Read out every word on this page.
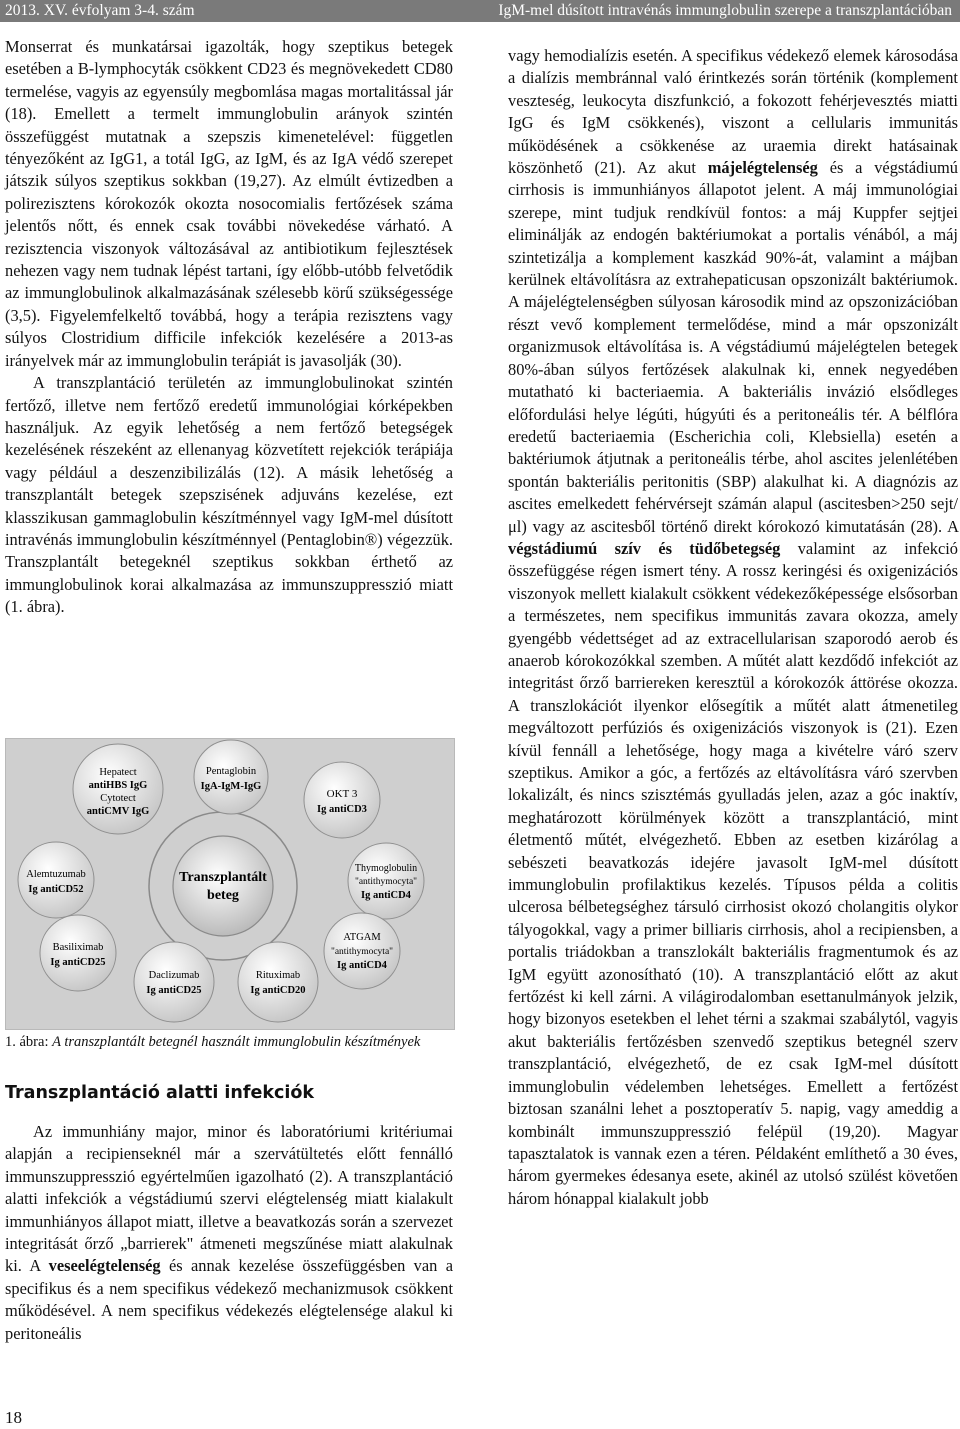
2013. XV. évfolyam 3-4. szám	IgM-mel dúsított intravénás immunglobulin szerepe a transzplantációban

Monserrat és munkatársai igazolták, hogy szeptikus betegek esetében a B-lymphocyták csökkent CD23 és megnövekedett CD80 termelése, vagyis az egyensúly megbomlása magas mortalitással jár (18). Emellett a termelt immunglobulin arányok szintén összefüggést mutatnak a szepszis kimenetelével: független tényezőként az IgG1, a totál IgG, az IgM, és az IgA védő szerepet játszik súlyos szeptikus sokkban (19,27). Az elmúlt évtizedben a polirezisztens kórokozók okozta nosocomialis fertőzések száma jelentős nőtt, és ennek csak további növekedése várható. A rezisztencia viszonyok változásával az antibiotikum fejlesztések nehezen vagy nem tudnak lépést tartani, így előbb-utóbb felvetődik az immunglobulinok alkalmazásának szélesebb körű szükségessége (3,5). Figyelemfelkeltő továbbá, hogy a terápia rezisztens vagy súlyos Clostridium difficile infekciók kezelésére a 2013-as irányelvek már az immunglobulin terápiát is javasolják (30).

A transzplantáció területén az immunglobulinokat szintén fertőző, illetve nem fertőző eredetű immunológiai kórképekben használjuk. Az egyik lehetőség a nem fertőző betegségek kezelésének részeként az ellenanyag közvetített rejekciók terápiája vagy például a deszenzibilizálás (12). A másik lehetőség a transzplantált betegek szepszisének adjuváns kezelése, ezt klasszikusan gammaglobulin készítménnyel vagy IgM-mel dúsított intravénás immunglobulin készítménnyel (Pentaglobin®) végezzük. Transzplantált betegeknél szeptikus sokkban érthető az immunglobulinok korai alkalmazása az immunszuppresszió miatt (1. ábra).

Hepatect
antiHBS IgG
Cytotect
antiCMV IgG
Pentaglobin
IgA-IgM-IgG
OKT 3
Ig antiCD3
Alemtuzumab
Ig antiCD52
Thymoglobulin
"antithymocyta"
Ig antiCD4
Basiliximab
Ig antiCD25
ATGAM
"antithymocyta"
Ig antiCD4
Daclizumab
Ig antiCD25
Rituximab
Ig antiCD20
Transzplantált
beteg
1. ábra: A transzplantált betegnél használt immunglobulin készítmények
Transzplantáció alatti infekciók

Az immunhiány major, minor és laboratóriumi kritériumai alapján a recipienseknél már a szervátültetés előtt fennálló immunszuppresszió egyértelműen igazolható (2). A transzplantáció alatti infekciók a végstádiumú szervi elégtelenség miatt kialakult immunhiányos állapot miatt, illetve a beavatkozás során a szervezet integritását őrző „barrierek" átmeneti megszűnése miatt alakulnak ki. A veseelégtelenség és annak kezelése összefüggésben van a specifikus és a nem specifikus védekező mechanizmusok csökkent működésével. A nem specifikus védekezés elégtelensége alakul ki peritoneális

vagy hemodialízis esetén. A specifikus védekező elemek károsodása a dialízis membránnal való érintkezés során történik (komplement veszteség, leukocyta diszfunkció, a fokozott fehérjevesztés miatti IgG és IgM csökkenés), viszont a cellularis immunitás működésének a csökkenése az uraemia direkt hatásainak köszönhető (21). Az akut májelégtelenség és a végstádiumú cirrhosis is immunhiányos állapotot jelent. A máj immunológiai szerepe, mint tudjuk rendkívül fontos: a máj Kuppfer sejtjei eliminálják az endogén baktériumokat a portalis vénából, a máj szintetizálja a komplement kaszkád 90%-át, valamint a májban kerülnek eltávolításra az extrahepaticusan opszonizált baktériumok. A májelégtelenségben súlyosan károsodik mind az opszonizációban részt vevő komplement termelődése, mind a már opszonizált organizmusok eltávolítása is. A végstádiumú májelégtelen betegek 80%-ában súlyos fertőzések alakulnak ki, ennek negyedében mutatható ki bacteriaemia. A bakteriális invázió elsődleges előfordulási helye légúti, húgyúti és a peritoneális tér. A bélflóra eredetű bacteriaemia (Escherichia coli, Klebsiella) esetén a baktériumok átjutnak a peritoneális térbe, ahol ascites jelenlétében spontán bakteriális peritonitis (SBP) alakulhat ki. A diagnózis az ascites emelkedett fehérvérsejt számán alapul (ascitesben>250 sejt/μl) vagy az ascitesből történő direkt kórokozó kimutatásán (28). A végstádiumú szív és tüdőbetegség valamint az infekció összefüggése régen ismert tény. A rossz keringési és oxigenizációs viszonyok mellett kialakult csökkent védekezőképessége elsősorban a természetes, nem specifikus immunitás zavara okozza, amely gyengébb védettséget ad az extracellularisan szaporodó aerob és anaerob kórokozókkal szemben. A műtét alatt kezdődő infekciót az integritást őrző barriereken keresztül a kórokozók áttörése okozza. A transzlokációt ilyenkor elősegítik a műtét alatt átmenetileg megváltozott perfúziós és oxigenizációs viszonyok is (21). Ezen kívül fennáll a lehetősége, hogy maga a kivételre váró szerv szeptikus. Amikor a góc, a fertőzés az eltávolításra váró szervben lokalizált, és nincs szisztémás gyulladás jelen, azaz a góc inaktív, meghatározott körülmények között a transzplantáció, mint életmentő műtét, elvégezhető. Ebben az esetben kizárólag a sebészeti beavatkozás idejére javasolt IgM-mel dúsított immunglobulin profilaktikus kezelés. Típusos példa a colitis ulcerosa bélbetegséghez társuló cirrhosist okozó cholangitis olykor tályogokkal, vagy a primer billiaris cirrhosis, ahol a recipiensben, a portalis triádokban a transzlokált bakteriális fragmentumok és az IgM együtt azonosítható (10). A transzplantáció előtt az akut fertőzést ki kell zárni. A világirodalomban esettanulmányok jelzik, hogy bizonyos esetekben el lehet térni a szakmai szabálytól, vagyis akut bakteriális fertőzésben szenvedő szeptikus betegnél szerv transzplantáció, elvégezhető, de ez csak IgM-mel dúsított immunglobulin védelemben lehetséges. Emellett a fertőzést biztosan szanálni lehet a posztoperatív 5. napig, vagy ameddig a kombinált immunszuppresszió felépül (19,20). Magyar tapasztalatok is vannak ezen a téren. Példaként említhető a 30 éves, három gyermekes édesanya esete, akinél az utolsó szülést követően három hónappal kialakult jobb

18
